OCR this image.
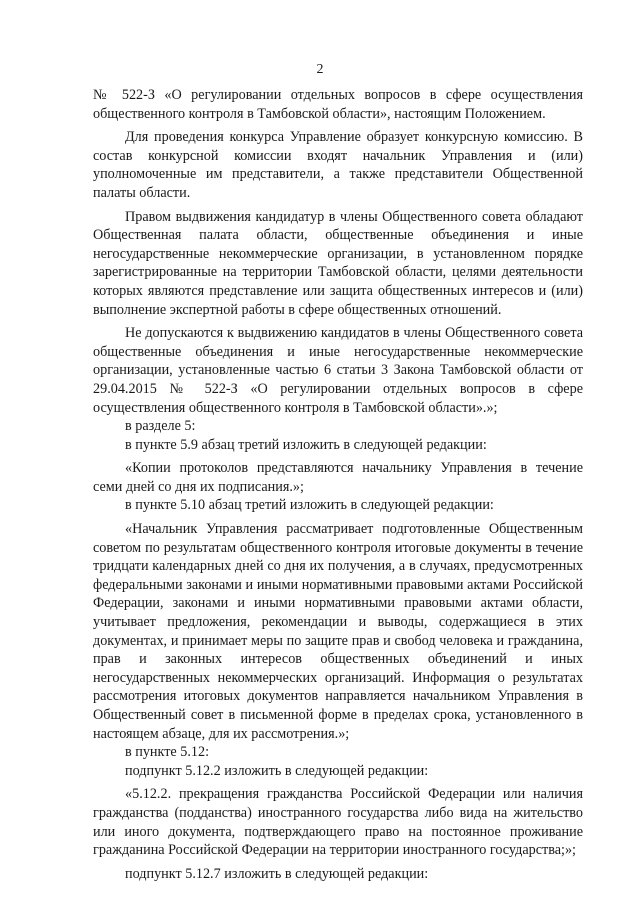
2

№ 522-З «О регулировании отдельных вопросов в сфере осуществления общественного контроля в Тамбовской области», настоящим Положением.

Для проведения конкурса Управление образует конкурсную комиссию. В состав конкурсной комиссии входят начальник Управления и (или) уполномоченные им представители, а также представители Общественной палаты области.

Правом выдвижения кандидатур в члены Общественного совета обладают Общественная палата области, общественные объединения и иные негосударственные некоммерческие организации, в установленном порядке зарегистрированные на территории Тамбовской области, целями деятельности которых являются представление или защита общественных интересов и (или) выполнение экспертной работы в сфере общественных отношений.

Не допускаются к выдвижению кандидатов в члены Общественного совета общественные объединения и иные негосударственные некоммерческие организации, установленные частью 6 статьи 3 Закона Тамбовской области от 29.04.2015 № 522-З «О регулировании отдельных вопросов в сфере осуществления общественного контроля в Тамбовской области».»;

в разделе 5:

в пункте 5.9 абзац третий изложить в следующей редакции:

«Копии протоколов представляются начальнику Управления в течение семи дней со дня их подписания.»;

в пункте 5.10 абзац третий изложить в следующей редакции:

«Начальник Управления рассматривает подготовленные Общественным советом по результатам общественного контроля итоговые документы в течение тридцати календарных дней со дня их получения, а в случаях, предусмотренных федеральными законами и иными нормативными правовыми актами Российской Федерации, законами и иными нормативными правовыми актами области, учитывает предложения, рекомендации и выводы, содержащиеся в этих документах, и принимает меры по защите прав и свобод человека и гражданина, прав и законных интересов общественных объединений и иных негосударственных некоммерческих организаций. Информация о результатах рассмотрения итоговых документов направляется начальником Управления в Общественный совет в письменной форме в пределах срока, установленного в настоящем абзаце, для их рассмотрения.»;

в пункте 5.12:

подпункт 5.12.2 изложить в следующей редакции:

«5.12.2. прекращения гражданства Российской Федерации или наличия гражданства (подданства) иностранного государства либо вида на жительство или иного документа, подтверждающего право на постоянное проживание гражданина Российской Федерации на территории иностранного государства;»;

подпункт 5.12.7 изложить в следующей редакции:
